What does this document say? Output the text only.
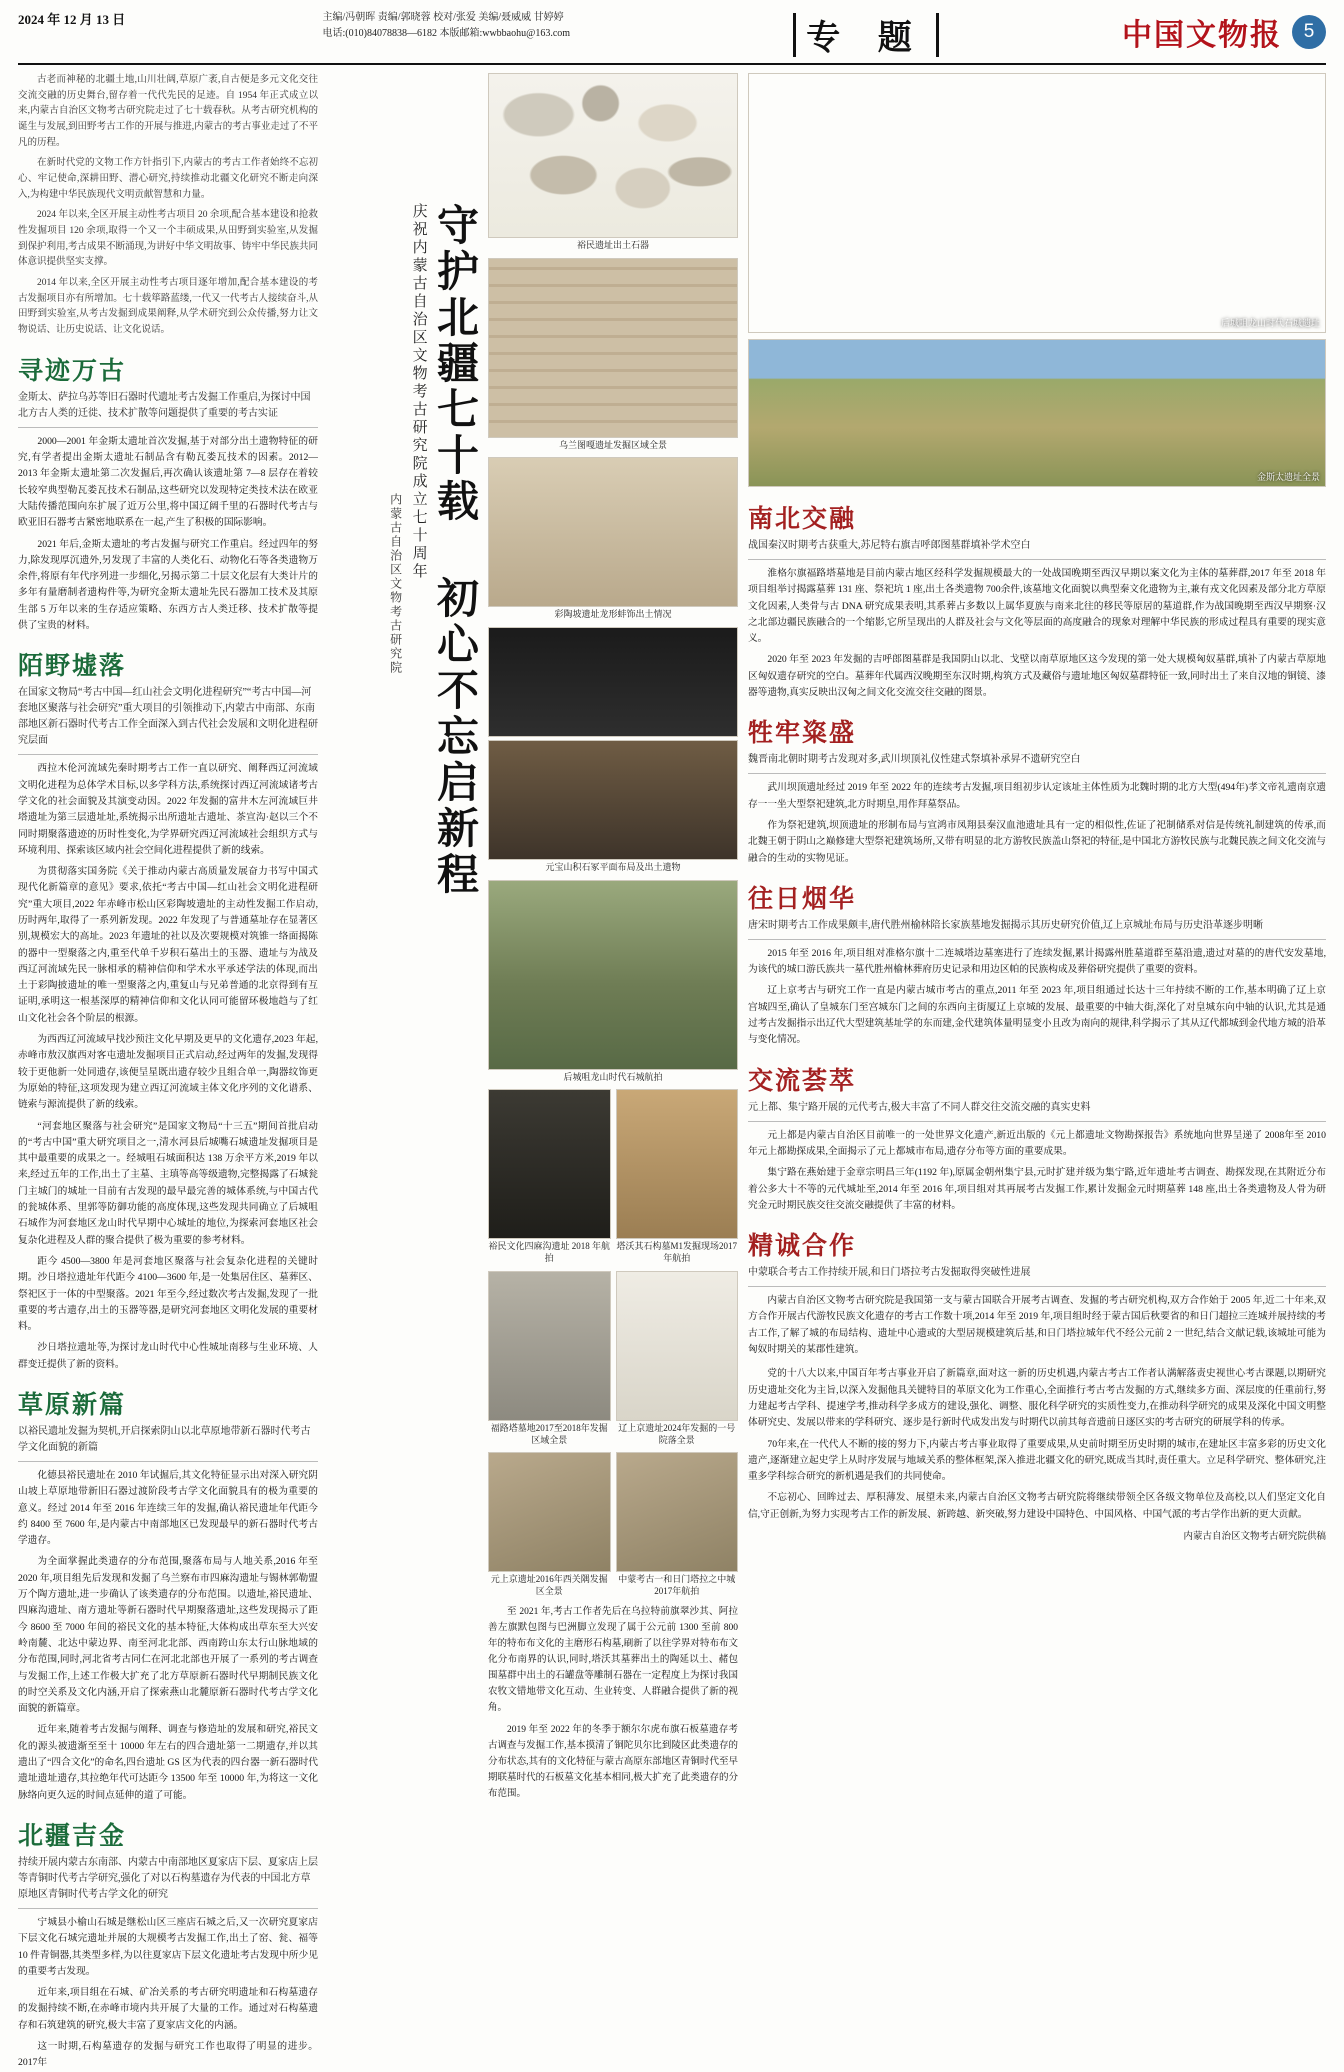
2024 年 12 月 13 日	主编/冯朝晖 责编/郭晓蓉 校对/张爱 美编/聂威威 甘婷婷
电话:(010)84078838—6182 本版邮箱:wwbbaohu@163.com	专 题	中国文物报	5

古老而神秘的北疆土地,山川壮阔,草原广袤,自古便是多元文化交往交流交融的历史舞台,留存着一代代先民的足迹。自 1954 年正式成立以来,内蒙古自治区文物考古研究院走过了七十载春秋。从考古研究机构的诞生与发展,到田野考古工作的开展与推进,内蒙古的考古事业走过了不平凡的历程。

在新时代党的文物工作方针指引下,内蒙古的考古工作者始终不忘初心、牢记使命,深耕田野、潜心研究,持续推动北疆文化研究不断走向深入,为构建中华民族现代文明贡献智慧和力量。

2024 年以来,全区开展主动性考古项目 20 余项,配合基本建设和抢救性发掘项目 120 余项,取得一个又一个丰硕成果,从田野到实验室,从发掘到保护利用,考古成果不断涌现,为讲好中华文明故事、铸牢中华民族共同体意识提供坚实支撑。

2014 年以来,全区开展主动性考古项目逐年增加,配合基本建设的考古发掘项目亦有所增加。七十载筚路蓝缕,一代又一代考古人接续奋斗,从田野到实验室,从考古发掘到成果阐释,从学术研究到公众传播,努力让文物说话、让历史说话、让文化说话。

寻迹万古
金斯太、萨拉乌苏等旧石器时代遗址考古发掘工作重启,为探讨中国北方古人类的迁徙、技术扩散等问题提供了重要的考古实证

2000—2001 年金斯太遗址首次发掘,基于对部分出土遗物特征的研究,有学者提出金斯太遗址石制品含有勒瓦娄瓦技术的因素。2012—2013 年金斯太遗址第二次发掘后,再次确认该遗址第 7—8 层存在着较长较窄典型勒瓦娄瓦技术石制品,这些研究以发现特定类技术法在欧亚大陆传播范围向东扩展了近万公里,将中国辽阔千里的石器时代考古与欧亚旧石器考古紧密地联系在一起,产生了积极的国际影响。

2021 年后,金斯太遗址的考古发掘与研究工作重启。经过四年的努力,除发现厚沉遗外,另发现了丰富的人类化石、动物化石等各类遗物万余件,将原有年代序列进一步细化,另揭示第二十层文化层有大类计片的多年有量磨制者遗构件等,为研究金斯太遗址先民石器加工技术及其原生部 5 万年以来的生存适应策略、东西方古人类迁移、技术扩散等提供了宝贵的材料。

陌野墟落
在国家文物局“考古中国—红山社会文明化进程研究”“考古中国—河套地区聚落与社会研究”重大项目的引领推动下,内蒙古中南部、东南部地区新石器时代考古工作全面深入到古代社会发展和文明化进程研究层面

西拉木伦河流域先秦时期考古工作一直以研究、阐释西辽河流域文明化进程为总体学术目标,以多学科方法,系统探讨西辽河流域诸考古学文化的社会面貌及其演变动因。2022 年发掘的富井木左河流域巨井塔遗址为第三层遗址址,系统揭示出所遗址古遗址、茶宣沟·赵以三个不同时期聚落遗迹的历时性变化,为学界研究西辽河流域社会组织方式与环境利用、探索该区域内社会空间化进程提供了新的线索。

为贯彻落实国务院《关于推动内蒙古高质量发展奋力书写中国式现代化新篇章的意见》要求,依托“考古中国—红山社会文明化进程研究”重大项目,2022 年赤峰市松山区彩陶坡遗址的主动性发掘工作启动,历时两年,取得了一系列新发现。2022 年发现了与普通墓址存在显著区别,规模宏大的高址。2023 年遗址的社以及次要规模对筑锥一络面揭陈的器中一型聚落之内,重至代单千岁积石墓出土的玉器、遗址与为战及西辽河流域先民一脉相承的精神信仰和学术水平承述学法的体现,而出土于彩陶披遗址的唯一型聚落之内,重复山与兄弟普通的北京得到有互证明,承明这一根基深厚的精神信仰和文化认同可能留环极地趋与了红山文化社会各个阶层的根源。

为西西辽河流域早找沙预注文化早期及更早的文化遗存,2023 年起,赤峰市敖汉旗西对客屯遗址发掘项目正式启动,经过两年的发掘,发现得较于更他新一处同遗存,该便呈星既出遗存较少且组合单一,陶器纹饰更为原始的特征,这项发现为建立西辽河流域主体文化序列的文化谱系、链索与源流提供了新的线索。

“河套地区聚落与社会研究”是国家文物局“十三五”期间首批启动的“考古中国”重大研究项目之一,清水河县后城嘴石城遗址发掘项目是其中最重要的成果之一。经城咀石城面积达 138 万余平方米,2019 年以来,经过五年的工作,出土了主墓、主瑱等高等级遗物,完整揭露了石城瓮门主城门的城址一目前有古发现的最早最完善的城体系统,与中国古代的瓮城体系、里郭等防御功能的高度体现,这些发现共同确立了后城咀石城作为河套地区龙山时代早期中心城址的地位,为探索河套地区社会复杂化进程及人群的聚合提供了极为重要的参考材料。

距今 4500—3800 年是河套地区聚落与社会复杂化进程的关键时期。沙日塔拉遗址年代距今 4100—3600 年,是一处集居住区、墓葬区、祭祀区于一体的中型聚落。2021 年至今,经过数次考古发掘,发现了一批重要的考古遗存,出土的玉器等器,是研究河套地区文明化发展的重要材料。

沙日塔拉遗址等,为探讨龙山时代中心性城址南移与生业环境、人群变迁提供了新的资料。

草原新篇
以裕民遗址发掘为契机,开启探索阴山以北草原地带新石器时代考古学文化面貌的新篇

化德县裕民遗址在 2010 年试掘后,其文化特征显示出对深入研究阴山坡上草原地带新旧石器过渡阶段考古学文化面貌具有的极为重要的意义。经过 2014 年至 2016 年连续三年的发掘,确认裕民遗址年代距今约 8400 至 7600 年,是内蒙古中南部地区已发现最早的新石器时代考古学遗存。

为全面掌握此类遗存的分布范围,聚落布局与人地关系,2016 年至 2020 年,项目组先后发现和发掘了乌兰察布市四麻沟遗址与锡林郭勒盟万个陶方遗址,进一步确认了该类遗存的分布范围。以遗址,裕民遗址、四麻沟遗址、南方遗址等新石器时代早期聚落遗址,这些发现揭示了距今 8600 至 7000 年间的裕民文化的基本特征,大体构成出草东至大兴安岭南麓、北达中蒙边界、南至河北北部、西南跨山东太行山脉地域的分布范围,同时,河北省考古同仁在河北北部也开展了一系列的考古调查与发掘工作,上述工作极大扩充了北方草原新石器时代早期制民族文化的时空关系及文化内涵,开启了探索燕山北麓原新石器时代考古学文化面貌的新篇章。

近年来,随着考古发掘与阐释、调查与修造址的发展和研究,裕民文化的源头被遗渐至至十 10000 年左右的四合遗址第一二期遗存,并以其遗出了“四合文化”的命名,四台遗址 GS 区为代表的四台器一新石器时代遗址遗址遗存,其拉绝年代可达距今 13500 年至 10000 年,为将这一文化脉络向更久远的时间点延伸的道了可能。

北疆吉金
持续开展内蒙古东南部、内蒙古中南部地区夏家店下层、夏家店上层等青铜时代考古学研究,强化了对以石构墓遗存为代表的中国北方草原地区青铜时代考古学文化的研究

宁城县小榆山石城是继松山区三座店石城之后,又一次研究夏家店下层文化石城完遗址并展的大规模考古发掘工作,出土了窑、瓮、福等 10 件青铜器,其类型多样,为以往夏家店下层文化遗址考古发现中所少见的重要考古发现。

近年来,项目组在石城、矿冶关系的考古研究明遗址和石构墓遗存的发掘持续不断,在赤峰市境内共开展了大量的工作。通过对石构墓遗存和石筑建筑的研究,极大丰富了夏家店文化的内涵。

这一时期,石构墓遗存的发掘与研究工作也取得了明显的进步。2017年

守护北疆七十载 初心不忘启新程
庆祝内蒙古自治区文物考古研究院成立七十周年
内蒙古自治区文物考古研究院
裕民遗址出土石器
乌兰图嘎遗址发掘区域全景
彩陶坡遗址龙形蚌饰出土情况
元宝山积石冢平面布局及出土遗物
后城咀龙山时代石城航拍
裕民文化四麻沟遗址 2018 年航拍
塔沃其石构墓M1发掘现场2017年航拍
福路塔墓地2017至2018年发掘区域全景
辽上京遗址2024年发掘的一号院落全景
元上京遗址2016年西关隅发掘区全景
中蒙考古一和日门塔拉之中城2017年航拍

至 2021 年,考古工作者先后在乌拉特前旗翠沙其、阿拉善左旗默包图与巴洲脚立发现了属于公元前 1300 至前 800 年的特布布文化的主磨形石构墓,刷新了以往学界对特布布文化分布南界的认识,同时,塔沃其墓葬出土的陶延以土、赭包围墓群中出土的石罐盘等雕制石器在一定程度上为探讨我国农牧文错地带文化互动、生业转变、人群融合提供了新的视角。

2019 年至 2022 年的冬季于额尔尔虎布旗石板墓遗存考古调查与发掘工作,基本摸清了铜陀贝尔比到陵区此类遗存的分布状态,其有的文化特征与蒙古高原东部地区青铜时代至早期联墓时代的石板墓文化基本相同,极大扩充了此类遗存的分布范围。

后城咀龙山时代石城遗址
金斯太遗址全景
南北交融
战国秦汉时期考古获重大,苏尼特右旗吉呼郎图墓群填补学术空白

淮格尔旗福路塔墓地是目前内蒙古地区经科学发掘规模最大的一处战国晚期至西汉早期以案文化为主体的墓葬群,2017 年至 2018 年项目组举讨揭露墓葬 131 座、祭祀坑 1 座,出土各类遗物 700余件,该墓地文化面貌以典型秦文化遗物为主,兼有戎文化因素及部分北方草原文化因素,人类骨与古 DNA 研究成果表明,其系葬占多数以上属华夏族与南来北往的移民等原居的墓道群,作为战国晚期至西汉早期察·汉之北部边疆民族融合的一个缩影,它所呈现出的人群及社会与文化等层面的高度融合的现象对理解中华民族的形成过程具有重要的现实意义。

2020 年至 2023 年发掘的吉呼郎图墓群是我国阴山以北、戈壁以南草原地区这今发现的第一处大规模匈奴墓群,填补了内蒙古草原地区匈奴遗存研究的空白。墓葬年代属西汉晚期至东汉时期,构筑方式及藏俗与遗址地区匈奴墓群特征一致,同时出土了来自汉地的铜镜、漆器等遗物,真实反映出汉匈之间文化交流交往交融的图景。

牲牢粢盛
魏晋南北朝时期考古发现对多,武川坝顶礼仪性建式祭填补承昇不遗研究空白

武川坝顶遗址经过 2019 年至 2022 年的连续考古发掘,项目组初步认定该址主体性质为北魏时期的北方大型(494年)孝文帝礼遗南京遗存一一坐大型祭祀建筑,北方时期皇,用作拜墓祭品。

作为祭祀建筑,坝顶遗址的形制布局与宣鸿市凤翔县秦汉血池遗址具有一定的相似性,佐证了祀制储系对信是传统礼制建筑的传承,而北魏王朝于阴山之巅修建大型祭祀建筑场所,又带有明显的北方游牧民族盖山祭祀的特征,是中国北方游牧民族与北魏民族之间文化交流与融合的生动的实物见证。

往日烟华
唐宋时期考古工作成果颇丰,唐代胜州榆林陪长家族墓地发掘揭示其历史研究价值,辽上京城址布局与历史沿革逐步明晰

2015 年至 2016 年,项目组对准格尔旗十二连城塔边墓塞进行了连续发掘,累计揭露州胜墓道群至墓沿遗,遗过对墓的的唐代安发墓地,为该代的城口游氏族共一墓代胜州榆林葬府历史记录和用边区帕的民族构成及葬俗研究提供了重要的资料。

辽上京考古与研究工作一直是内蒙古城市考古的重点,2011 年至 2023 年,项目组通过长达十三年持续不断的工作,基本明确了辽上京 宫城四至,确认了皇城东门至宫城东门之间的东西向主街厦辽上京城的发展、最重要的中轴大街,深化了对皇城东向中轴的认识,尤其是通过考古发掘指示出辽代大型建筑基址学的东而建,金代建筑体量明显变小且改为南向的规律,科学揭示了其从辽代都城到金代地方城的沿革与变化情况。

交流荟萃
元上都、集宁路开展的元代考古,极大丰富了不同人群交往交流交融的真实史料

元上都是内蒙古自治区目前唯一的一处世界文化遗产,新近出版的《元上都遗址文物勘探报告》系统地向世界呈递了 2008年至 2010 年元上都勘探成果,全面揭示了元上都城市布局,遗存分布等方面的重要成果。

集宁路在燕始建于金章宗明昌三年(1192 年),原属金朝州集宁县,元时扩建并级为集宁路,近年遗址考古调查、勘探发现,在其附近分布着公多大十不等的元代城址至,2014 年至 2016 年,项目组对其再展考古发掘工作,累计发掘金元时期墓葬 148 座,出土各类遗物及人骨为研究金元时期民族交往交流交融提供了丰富的材料。

精诚合作
中蒙联合考古工作持续开展,和日门塔拉考古发掘取得突破性进展

内蒙古自治区文物考古研究院是我国第一支与蒙古国联合开展考古调查、发掘的考古研究机构,双方合作始于 2005 年,近二十年来,双方合作开展古代游牧民族文化遗存的考古工作数十项,2014 年至 2019 年,项目组时经于蒙古国后秋要省的和日门超拉三连城并展持续的考古工作,了解了城的布局结构、遗址中心遗或的大型居规模建筑后基,和日门塔拉城年代不经公元前 2 一世纪,结合文献记载,该城址可能为匈奴时期关的某郡性建筑。

党的十八大以来,中国百年考古事业开启了新篇章,面对这一新的历史机遇,内蒙古考古工作者认满解落责史视世心考古课题,以期研究历史遗址交化为主旨,以深入发掘他具关键特目的革原文化为工作重心,全面推行考古考古发掘的方式,继续多方面、深层度的任重前行,努力建起考古学科、提速学考,推动科学多成方的建设,强化、调整、服化科学研究的实质性变力,在推动科学研究的成果及深化中国文明整体研究史、发展以带来的学科研究、逐步是行新时代成发出发与时期代以前其每音遗前日逐区实的考古研究的研展学科的传承。

70年来,在一代代人不断的接的努力下,内蒙古考古事业取得了重要成果,从史前时期至历史时期的城市,在建址区丰富多彩的历史文化遗产,逐渐建立起史学上从时序发展与地域关系的整体框架,深入推进北疆文化的研究,既成当其时,责任重大。立足科学研究、整体研究,注重多学科综合研究的新机遇是我们的共同使命。

不忘初心、回眸过去、厚积薄发、展望未来,内蒙古自治区文物考古研究院将继续带领全区各级文物单位及高校,以人们坚定文化自信,守正创新,为努力实现考古工作的新发展、新跨越、新突破,努力建设中国特色、中国风格、中国气派的考古学作出新的更大贡献。

内蒙古自治区文物考古研究院供稿
